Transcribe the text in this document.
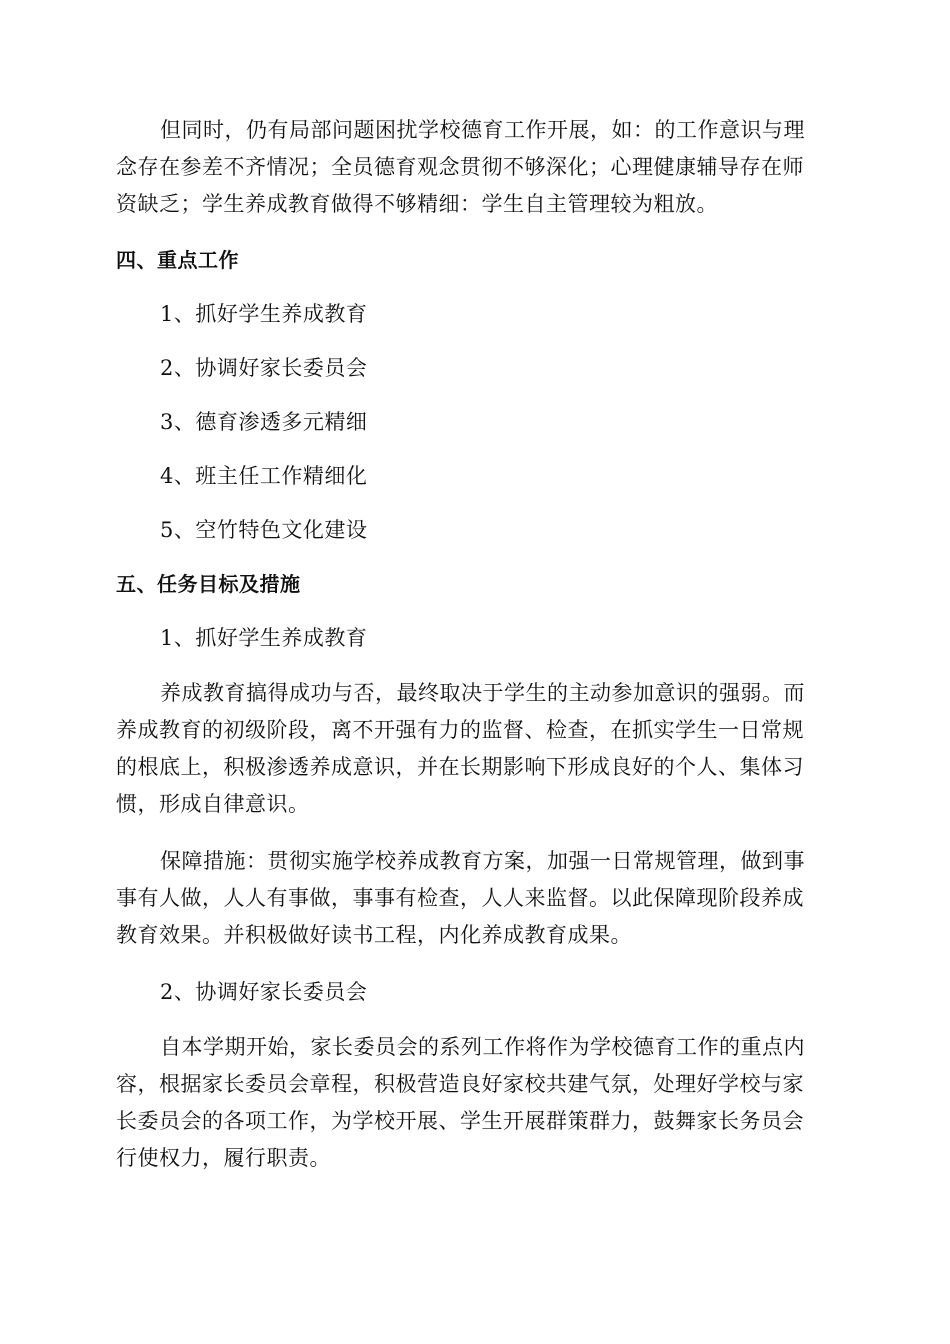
但同时，仍有局部问题困扰学校德育工作开展，如：的工作意识与理
念存在参差不齐情况；全员德育观念贯彻不够深化；心理健康辅导存在师
资缺乏；学生养成教育做得不够精细：学生自主管理较为粗放。
四、重点工作
1、抓好学生养成教育
2、协调好家长委员会
3、德育渗透多元精细
4、班主任工作精细化
5、空竹特色文化建设
五、任务目标及措施
1、抓好学生养成教育
养成教育搞得成功与否，最终取决于学生的主动参加意识的强弱。而
养成教育的初级阶段，离不开强有力的监督、检查，在抓实学生一日常规
的根底上，积极渗透养成意识，并在长期影响下形成良好的个人、集体习
惯，形成自律意识。
保障措施：贯彻实施学校养成教育方案，加强一日常规管理，做到事
事有人做，人人有事做，事事有检查，人人来监督。以此保障现阶段养成
教育效果。并积极做好读书工程，内化养成教育成果。
2、协调好家长委员会
自本学期开始，家长委员会的系列工作将作为学校德育工作的重点内
容，根据家长委员会章程，积极营造良好家校共建气氛，处理好学校与家
长委员会的各项工作，为学校开展、学生开展群策群力，鼓舞家长务员会
行使权力，履行职责。
